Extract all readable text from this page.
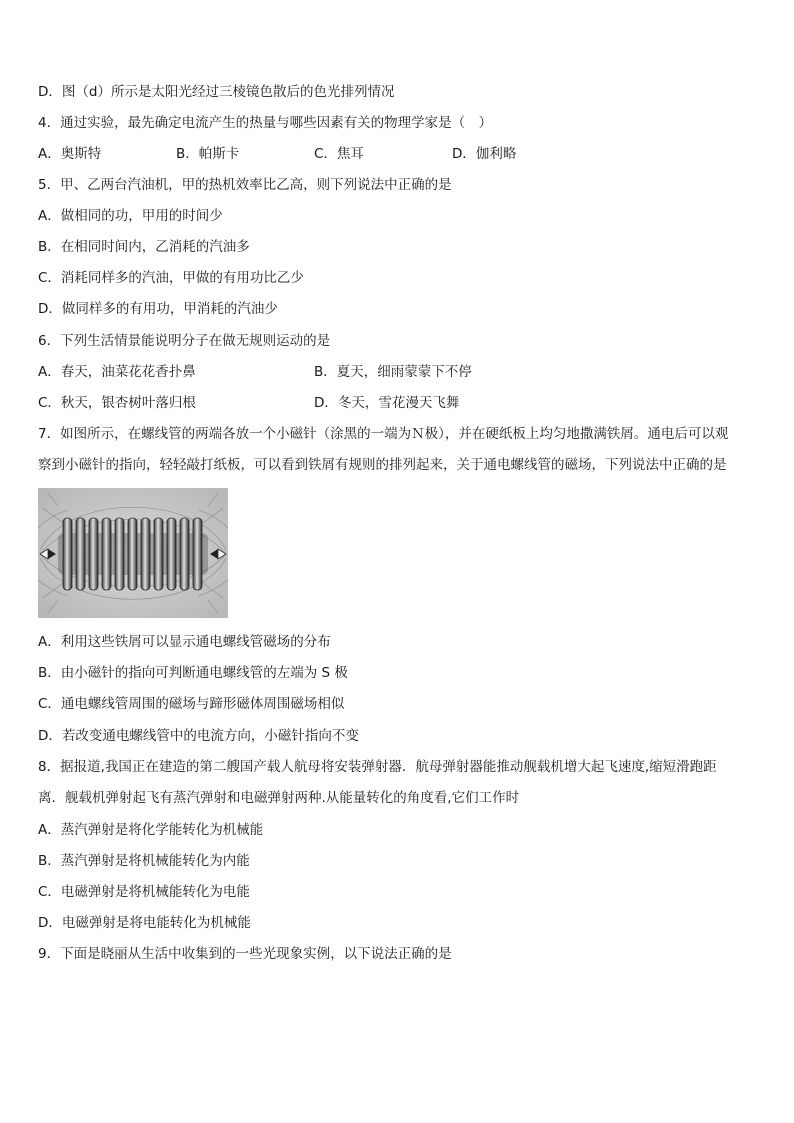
D．图（d）所示是太阳光经过三棱镜色散后的色光排列情况
4．通过实验，最先确定电流产生的热量与哪些因素有关的物理学家是（　）
A．奥斯特	B．帕斯卡	C．焦耳	D．伽利略
5．甲、乙两台汽油机，甲的热机效率比乙高，则下列说法中正确的是
A．做相同的功，甲用的时间少
B．在相同时间内，乙消耗的汽油多
C．消耗同样多的汽油，甲做的有用功比乙少
D．做同样多的有用功，甲消耗的汽油少
6．下列生活情景能说明分子在做无规则运动的是
A．春天，油菜花花香扑鼻	B．夏天，细雨蒙蒙下不停
C．秋天，银杏树叶落归根	D．冬天，雪花漫天飞舞
7．如图所示，在螺线管的两端各放一个小磁针（涂黑的一端为Ｎ极），并在硬纸板上均匀地撒满铁屑。通电后可以观
察到小磁针的指向，轻轻敲打纸板，可以看到铁屑有规则的排列起来，关于通电螺线管的磁场，下列说法中正确的是
A．利用这些铁屑可以显示通电螺线管磁场的分布
B．由小磁针的指向可判断通电螺线管的左端为 S 极
C．通电螺线管周围的磁场与蹄形磁体周围磁场相似
D．若改变通电螺线管中的电流方向，小磁针指向不变
8．据报道,我国正在建造的第二艘国产载人航母将安装弹射器．航母弹射器能推动舰载机增大起飞速度,缩短滑跑距
离．舰载机弹射起飞有蒸汽弹射和电磁弹射两种.从能量转化的角度看,它们工作时
A．蒸汽弹射是将化学能转化为机械能
B．蒸汽弹射是将机械能转化为内能
C．电磁弹射是将机械能转化为电能
D．电磁弹射是将电能转化为机械能
9．下面是晓丽从生活中收集到的一些光现象实例，以下说法正确的是
